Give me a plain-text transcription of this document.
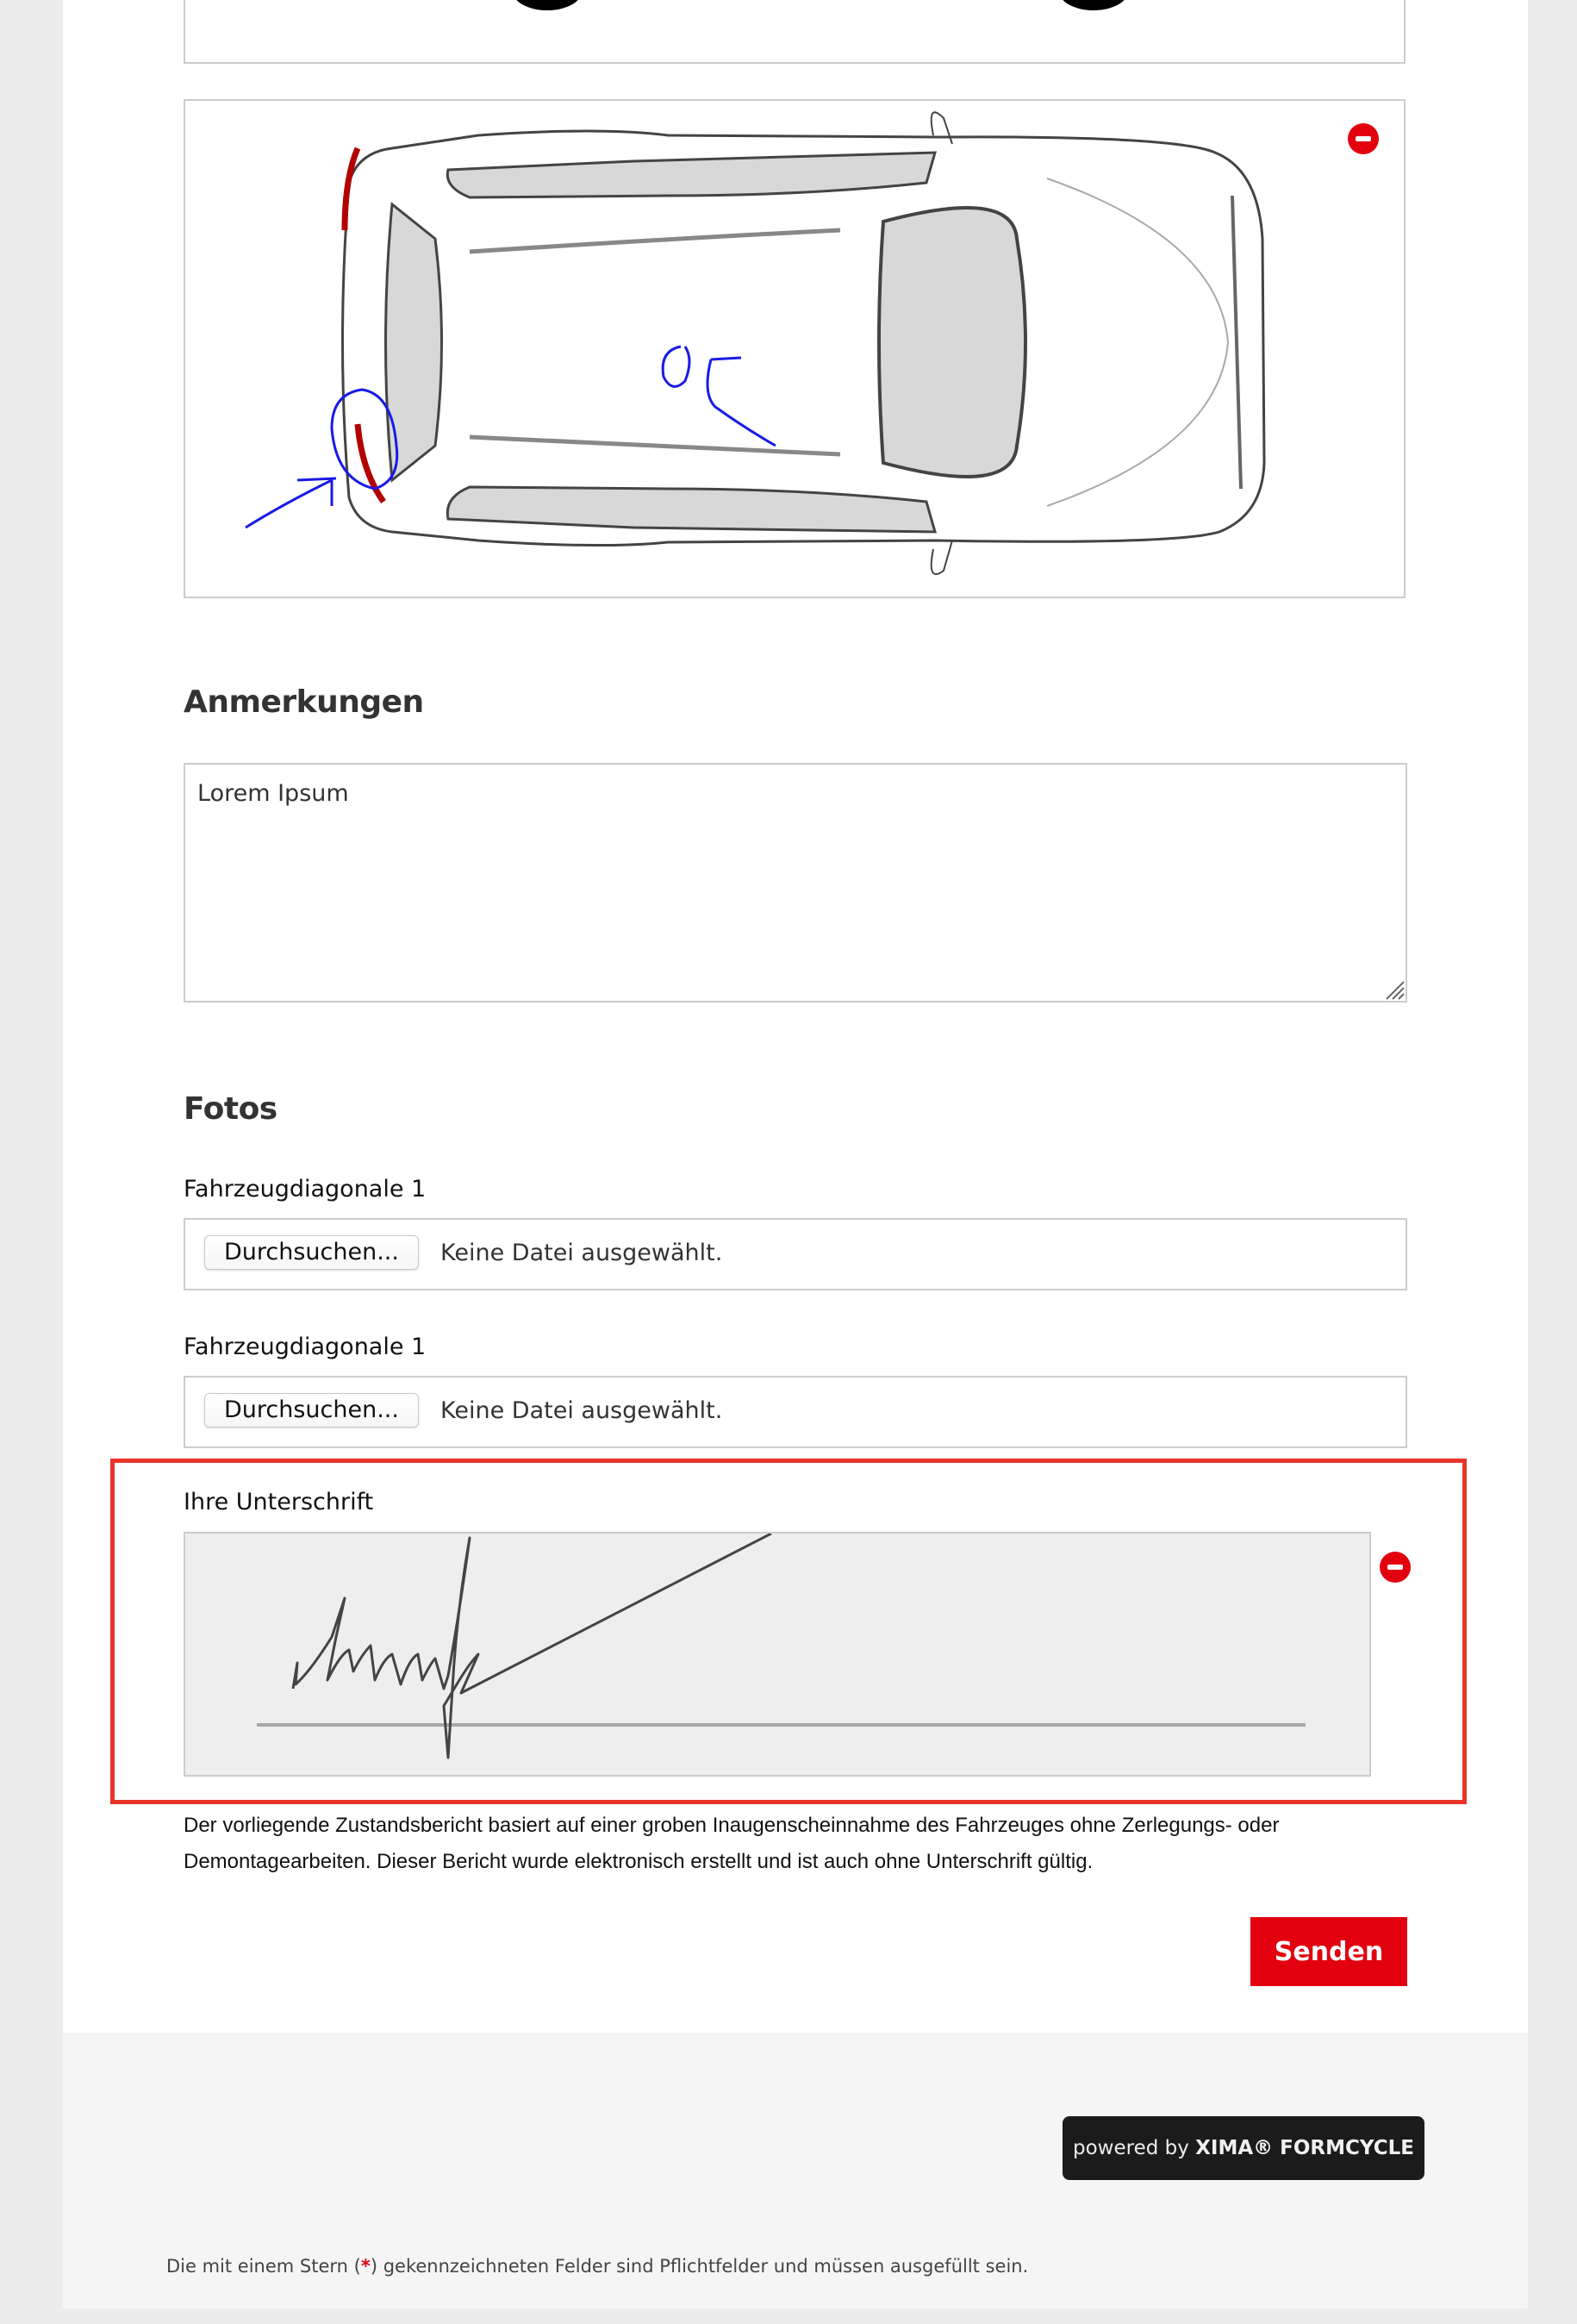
Anmerkungen
Lorem Ipsum
Fotos
Fahrzeugdiagonale 1
Durchsuchen...	Keine Datei ausgewählt.
Fahrzeugdiagonale 1
Durchsuchen...	Keine Datei ausgewählt.
Ihre Unterschrift
Der vorliegende Zustandsbericht basiert auf einer groben Inaugenscheinnahme des Fahrzeuges ohne Zerlegungs- oder
Demontagearbeiten. Dieser Bericht wurde elektronisch erstellt und ist auch ohne Unterschrift gültig.
Senden
powered by XIMA® FORMCYCLE
Die mit einem Stern (*) gekennzeichneten Felder sind Pflichtfelder und müssen ausgefüllt sein.
